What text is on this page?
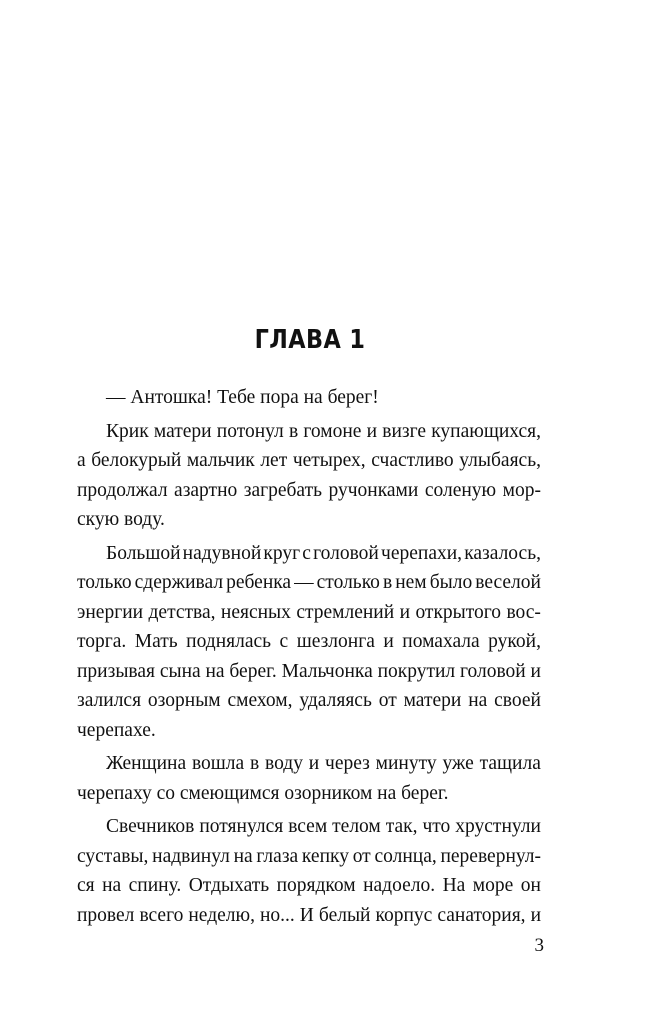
ГЛАВА 1
— Антошка! Тебе пора на берег!
Крик матери потонул в гомоне и визге купающихся,
а белокурый мальчик лет четырех, счастливо улыбаясь,
продолжал азартно загребать ручонками соленую мор-
скую воду.
Большой надувной круг с головой черепахи, казалось,
только сдерживал ребенка — столько в нем было веселой
энергии детства, неясных стремлений и открытого вос-
торга. Мать поднялась с шезлонга и помахала рукой,
призывая сына на берег. Мальчонка покрутил головой и
залился озорным смехом, удаляясь от матери на своей
черепахе.
Женщина вошла в воду и через минуту уже тащила
черепаху со смеющимся озорником на берег.
Свечников потянулся всем телом так, что хрустнули
суставы, надвинул на глаза кепку от солнца, перевернул-
ся на спину. Отдыхать порядком надоело. На море он
провел всего неделю, но... И белый корпус санатория, и
3
